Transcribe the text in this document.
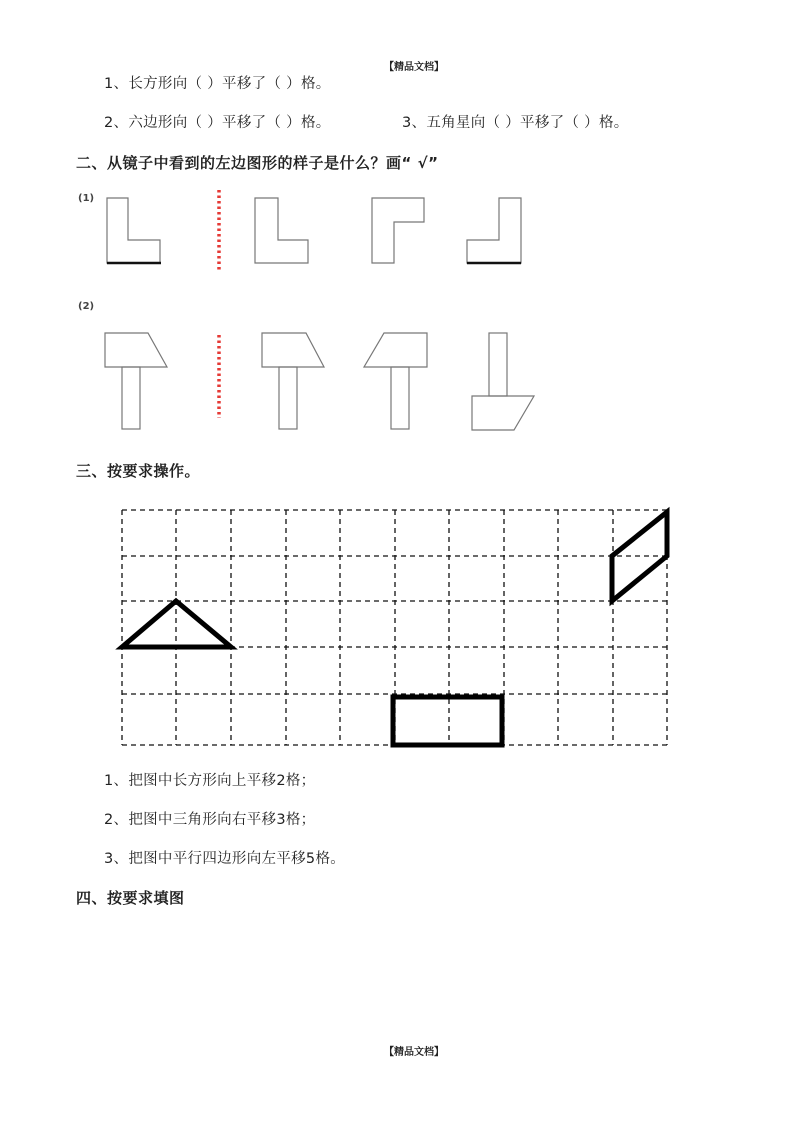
【精品文档】
1、长方形向（ ）平移了（ ）格。
2、六边形向（ ）平移了（ ）格。	3、五角星向（ ）平移了（ ）格。
二、从镜子中看到的左边图形的样子是什么？画“ √”
(1)
(2)
三、按要求操作。
1、把图中长方形向上平移2格；
2、把图中三角形向右平移3格；
3、把图中平行四边形向左平移5格。
四、按要求填图
【精品文档】
